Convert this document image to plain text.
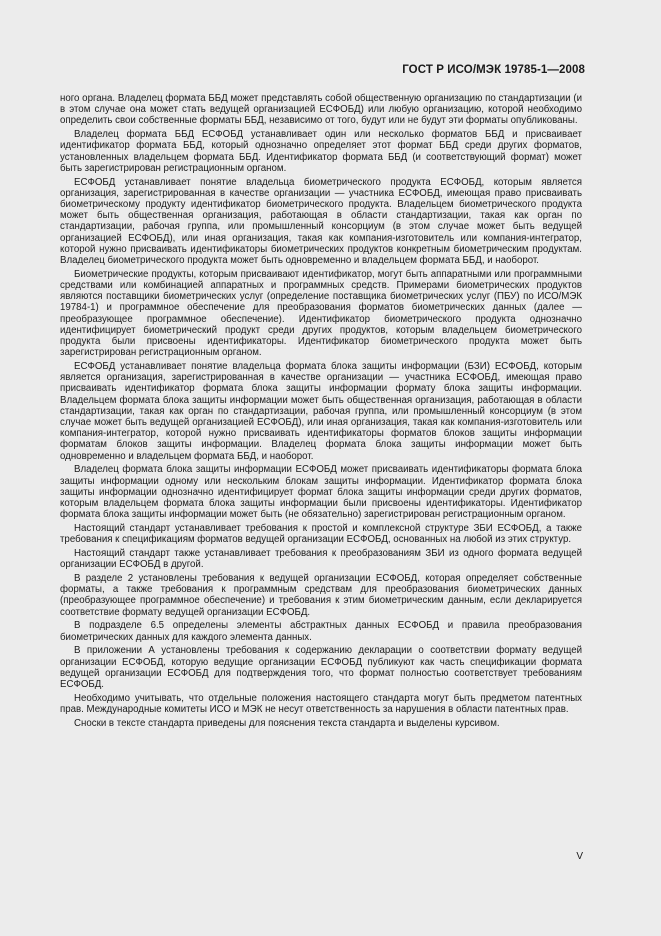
ГОСТ Р ИСО/МЭК 19785-1—2008

ного органа. Владелец формата ББД может представлять собой общественную организацию по стандартизации (и в этом случае она может стать ведущей организацией ЕСФОБД) или любую организацию, которой необходимо определить свои собственные форматы ББД, независимо от того, будут или не будут эти форматы опубликованы.

Владелец формата ББД ЕСФОБД устанавливает один или несколько форматов ББД и присваивает идентификатор формата ББД, который однозначно определяет этот формат ББД среди других форматов, установленных владельцем формата ББД. Идентификатор формата ББД (и соответствующий формат) может быть зарегистрирован регистрационным органом.

ЕСФОБД устанавливает понятие владельца биометрического продукта ЕСФОБД, которым является организация, зарегистрированная в качестве организации — участника ЕСФОБД, имеющая право присваивать биометрическому продукту идентификатор биометрического продукта. Владельцем биометрического продукта может быть общественная организация, работающая в области стандартизации, такая как орган по стандартизации, рабочая группа, или промышленный консорциум (в этом случае может быть ведущей организацией ЕСФОБД), или иная организация, такая как компания-изготовитель или компания-интегратор, которой нужно присваивать идентификаторы биометрических продуктов конкретным биометрическим продуктам. Владелец биометрического продукта может быть одновременно и владельцем формата ББД, и наоборот.

Биометрические продукты, которым присваивают идентификатор, могут быть аппаратными или программными средствами или комбинацией аппаратных и программных средств. Примерами биометрических продуктов являются поставщики биометрических услуг (определение поставщика биометрических услуг (ПБУ) по ИСО/МЭК 19784-1) и программное обеспечение для преобразования форматов биометрических данных (далее — преобразующее программное обеспечение). Идентификатор биометрического продукта однозначно идентифицирует биометрический продукт среди других продуктов, которым владельцем биометрического продукта были присвоены идентификаторы. Идентификатор биометрического продукта может быть зарегистрирован регистрационным органом.

ЕСФОБД устанавливает понятие владельца формата блока защиты информации (БЗИ) ЕСФОБД, которым является организация, зарегистрированная в качестве организации — участника ЕСФОБД, имеющая право присваивать идентификатор формата блока защиты информации формату блока защиты информации. Владельцем формата блока защиты информации может быть общественная организация, работающая в области стандартизации, такая как орган по стандартизации, рабочая группа, или промышленный консорциум (в этом случае может быть ведущей организацией ЕСФОБД), или иная организация, такая как компания-изготовитель или компания-интегратор, которой нужно присваивать идентификаторы форматов блоков защиты информации форматам блоков защиты информации. Владелец формата блока защиты информации может быть одновременно и владельцем формата ББД, и наоборот.

Владелец формата блока защиты информации ЕСФОБД может присваивать идентификаторы формата блока защиты информации одному или нескольким блокам защиты информации. Идентификатор формата блока защиты информации однозначно идентифицирует формат блока защиты информации среди других форматов, которым владельцем формата блока защиты информации были присвоены идентификаторы. Идентификатор формата блока защиты информации может быть (не обязательно) зарегистрирован регистрационным органом.

Настоящий стандарт устанавливает требования к простой и комплексной структуре ЗБИ ЕСФОБД, а также требования к спецификациям форматов ведущей организации ЕСФОБД, основанных на любой из этих структур.

Настоящий стандарт также устанавливает требования к преобразованиям ЗБИ из одного формата ведущей организации ЕСФОБД в другой.

В разделе 2 установлены требования к ведущей организации ЕСФОБД, которая определяет собственные форматы, а также требования к программным средствам для преобразования биометрических данных (преобразующее программное обеспечение) и требования к этим биометрическим данным, если декларируется соответствие формату ведущей организации ЕСФОБД.

В подразделе 6.5 определены элементы абстрактных данных ЕСФОБД и правила преобразования биометрических данных для каждого элемента данных.

В приложении А установлены требования к содержанию декларации о соответствии формату ведущей организации ЕСФОБД, которую ведущие организации ЕСФОБД публикуют как часть спецификации формата ведущей организации ЕСФОБД для подтверждения того, что формат полностью соответствует требованиям ЕСФОБД.

Необходимо учитывать, что отдельные положения настоящего стандарта могут быть предметом патентных прав. Международные комитеты ИСО и МЭК не несут ответственность за нарушения в области патентных прав.

Сноски в тексте стандарта приведены для пояснения текста стандарта и выделены курсивом.

V
